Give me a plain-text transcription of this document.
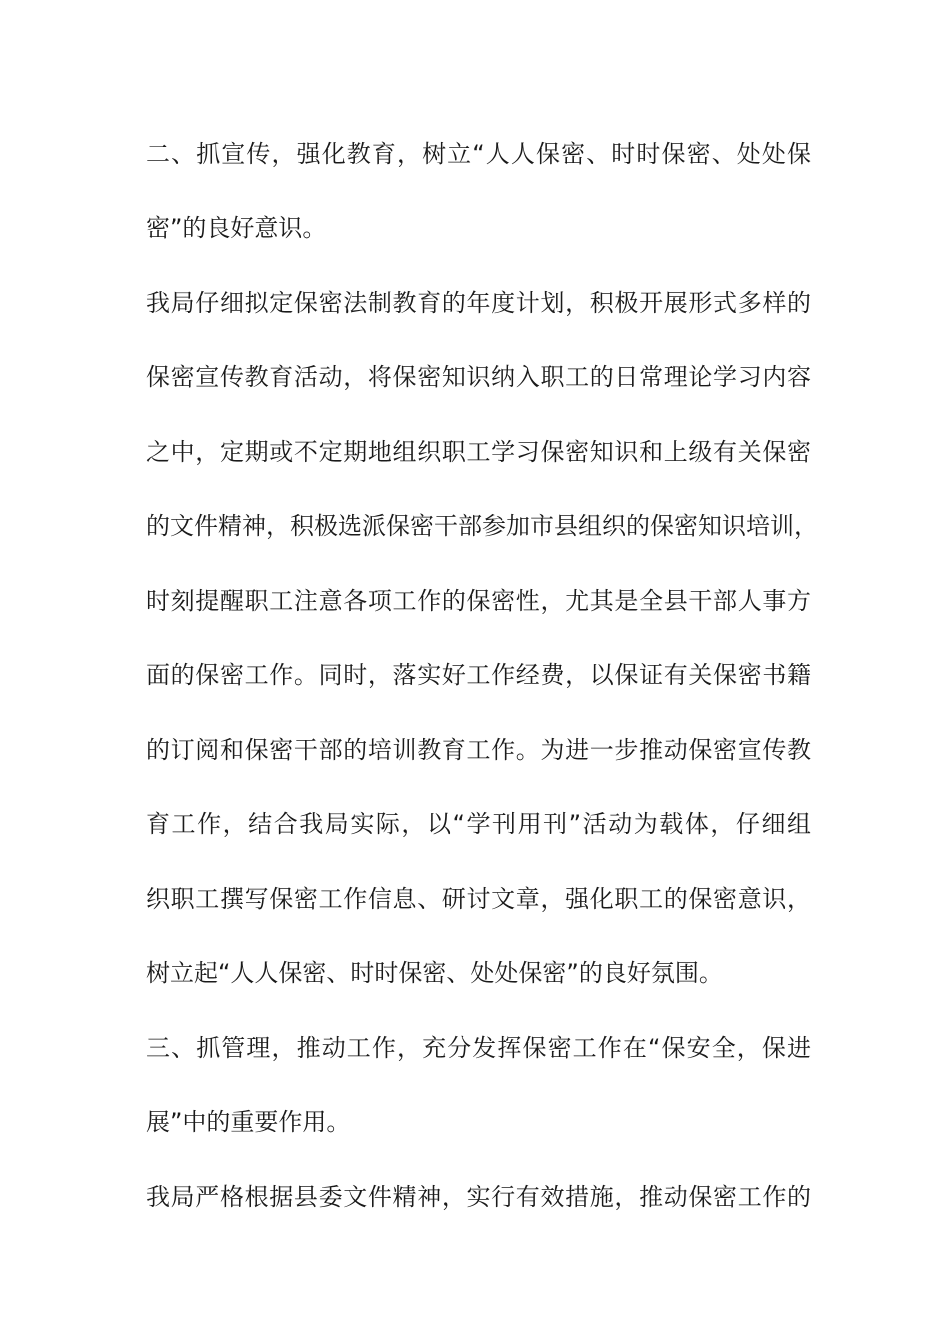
二、抓宣传，强化教育，树立“人人保密、时时保密、处处保
密”的良好意识。
我局仔细拟定保密法制教育的年度计划，积极开展形式多样的
保密宣传教育活动，将保密知识纳入职工的日常理论学习内容
之中，定期或不定期地组织职工学习保密知识和上级有关保密
的文件精神，积极选派保密干部参加市县组织的保密知识培训，
时刻提醒职工注意各项工作的保密性，尤其是全县干部人事方
面的保密工作。同时，落实好工作经费，以保证有关保密书籍
的订阅和保密干部的培训教育工作。为进一步推动保密宣传教
育工作，结合我局实际，以“学刊用刊”活动为载体，仔细组
织职工撰写保密工作信息、研讨文章，强化职工的保密意识，
树立起“人人保密、时时保密、处处保密”的良好氛围。
三、抓管理，推动工作，充分发挥保密工作在“保安全，保进
展”中的重要作用。
我局严格根据县委文件精神，实行有效措施，推动保密工作的
